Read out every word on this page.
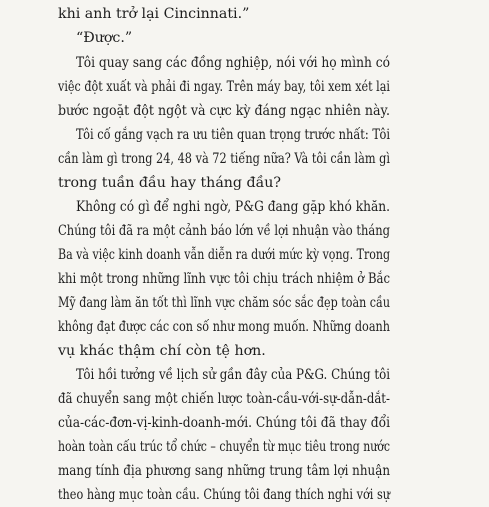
khi anh trở lại Cincinnati.”
“Được.”
Tôi quay sang các đồng nghiệp, nói với họ mình có
việc đột xuất và phải đi ngay. Trên máy bay, tôi xem xét lại
bước ngoặt đột ngột và cực kỳ đáng ngạc nhiên này.
Tôi cố gắng vạch ra ưu tiên quan trọng trước nhất: Tôi
cần làm gì trong 24, 48 và 72 tiếng nữa? Và tôi cần làm gì
trong tuần đầu hay tháng đầu?
Không có gì để nghi ngờ, P&G đang gặp khó khăn.
Chúng tôi đã ra một cảnh báo lớn về lợi nhuận vào tháng
Ba và việc kinh doanh vẫn diễn ra dưới mức kỳ vọng. Trong
khi một trong những lĩnh vực tôi chịu trách nhiệm ở Bắc
Mỹ đang làm ăn tốt thì lĩnh vực chăm sóc sắc đẹp toàn cầu
không đạt được các con số như mong muốn. Những doanh
vụ khác thậm chí còn tệ hơn.
Tôi hồi tưởng về lịch sử gần đây của P&G. Chúng tôi
đã chuyển sang một chiến lược toàn-cầu-với-sự-dẫn-dắt-
của-các-đơn-vị-kinh-doanh-mới. Chúng tôi đã thay đổi
hoàn toàn cấu trúc tổ chức – chuyển từ mục tiêu trong nước
mang tính địa phương sang những trung tâm lợi nhuận
theo hàng mục toàn cầu. Chúng tôi đang thích nghi với sự
